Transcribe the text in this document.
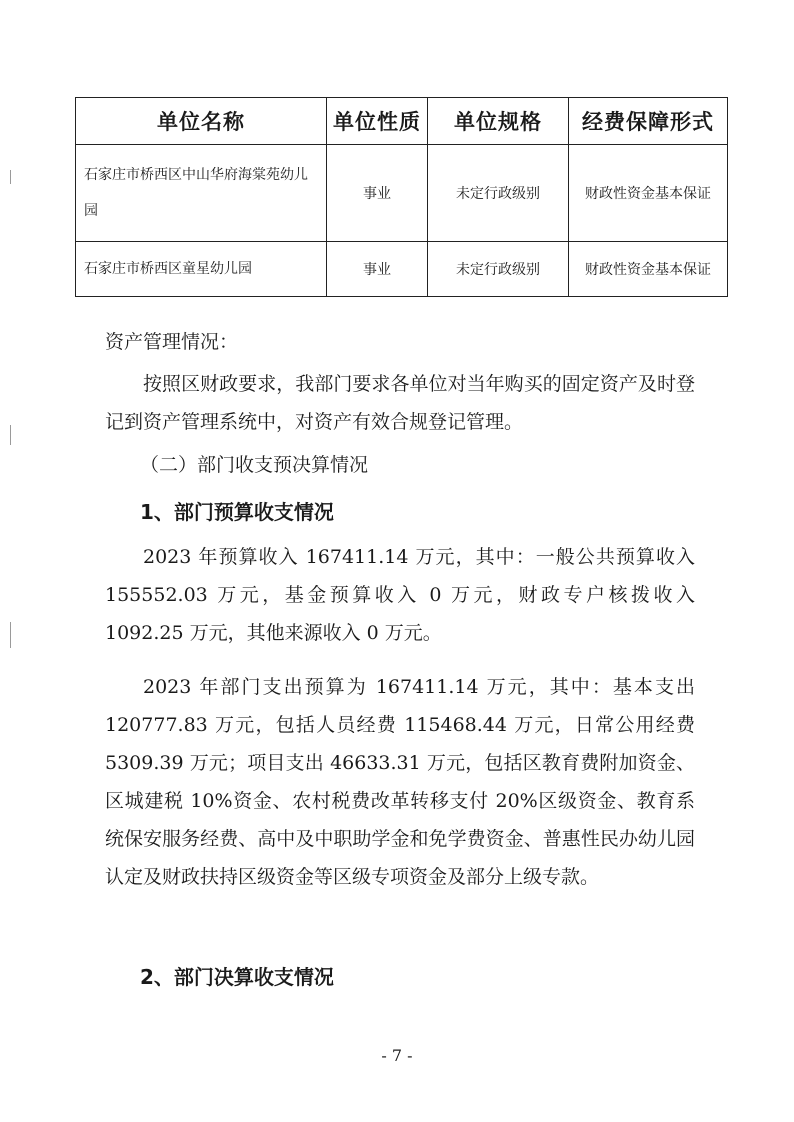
单位名称	单位性质	单位规格	经费保障形式
石家庄市桥西区中山华府海棠苑幼儿园	事业	未定行政级别	财政性资金基本保证
石家庄市桥西区童星幼儿园	事业	未定行政级别	财政性资金基本保证

资产管理情况：

按照区财政要求，我部门要求各单位对当年购买的固定资产及时登记到资产管理系统中，对资产有效合规登记管理。

（二）部门收支预决算情况

1、部门预算收支情况

2023 年预算收入 167411.14 万元，其中：一般公共预算收入 155552.03 万元，基金预算收入 0 万元，财政专户核拨收入 1092.25 万元，其他来源收入 0 万元。

2023 年部门支出预算为 167411.14 万元，其中：基本支出 120777.83 万元，包括人员经费 115468.44 万元，日常公用经费 5309.39 万元；项目支出 46633.31 万元，包括区教育费附加资金、区城建税 10%资金、农村税费改革转移支付 20%区级资金、教育系统保安服务经费、高中及中职助学金和免学费资金、普惠性民办幼儿园认定及财政扶持区级资金等区级专项资金及部分上级专款。

2、部门决算收支情况

- 7 -
